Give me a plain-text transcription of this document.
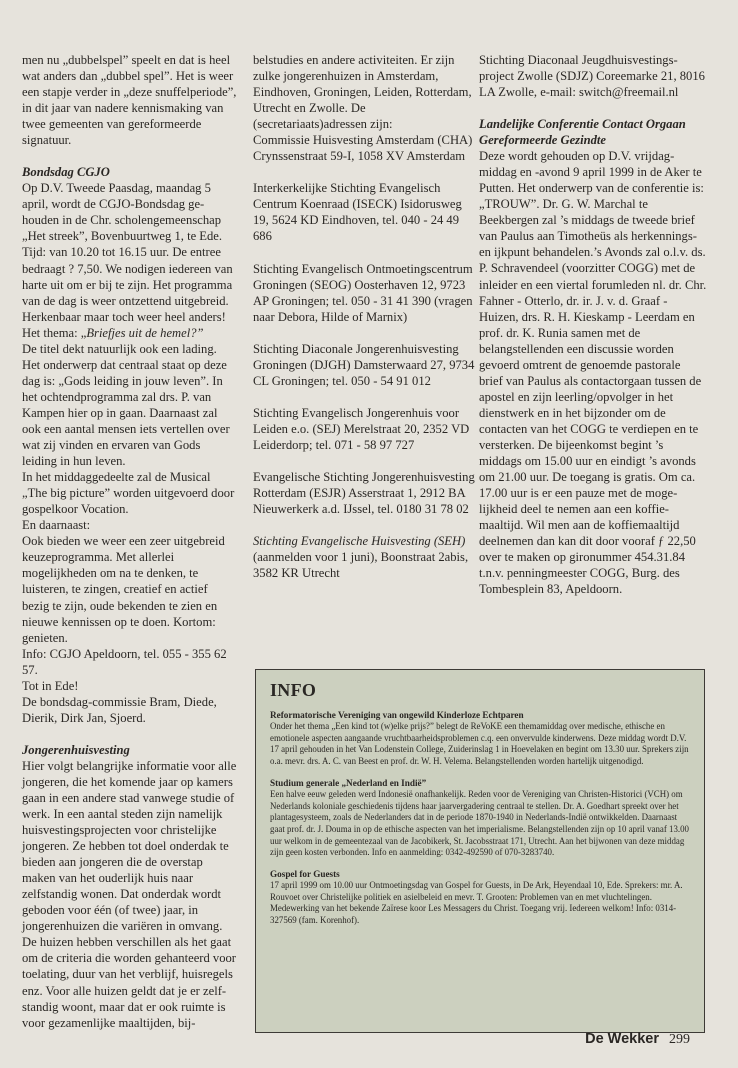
men nu „dubbelspel” speelt en dat is heel wat anders dan „dubbel spel”. Het is weer een stapje verder in „deze snuffelperiode”, in dit jaar van nadere kennismaking van twee gemeenten van gereformeerde signatuur.

Bondsdag CGJO

Op D.V. Tweede Paasdag, maandag 5 april, wordt de CGJO-Bondsdag gehouden in de Chr. scholengemeenschap „Het streek”, Bovenbuurtweg 1, te Ede. Tijd: van 10.20 tot 16.15 uur. De entree bedraagt ? 7,50. We nodigen iedereen van harte uit om er bij te zijn. Het programma van de dag is weer ontzettend uitgebreid. Herkenbaar maar toch weer heel anders!

Het thema: „Briefjes uit de hemel?”

De titel dekt natuurlijk ook een lading. Het onderwerp dat centraal staat op deze dag is: „Gods leiding in jouw leven”. In het ochtendprogramma zal drs. P. van Kampen hier op in gaan. Daarnaast zal ook een aantal mensen iets vertellen over wat zij vinden en ervaren van Gods leiding in hun leven.

In het middaggedeelte zal de Musical „The big picture” worden uitgevoerd door gospelkoor Vocation.

En daarnaast:

Ook bieden we weer een zeer uitgebreid keuzeprogramma. Met allerlei mogelijkheden om na te denken, te luisteren, te zingen, creatief en actief bezig te zijn, oude bekenden te zien en nieuwe kennissen op te doen. Kortom: genieten.

Info: CGJO Apeldoorn, tel. 055 - 355 62 57.

Tot in Ede!

De bondsdag-commissie Bram, Diede, Dierik, Dirk Jan, Sjoerd.

Jongerenhuisvesting

Hier volgt belangrijke informatie voor alle jongeren, die het komende jaar op kamers gaan in een andere stad vanwege studie of werk. In een aantal steden zijn namelijk huisvestingsprojecten voor christelijke jongeren. Ze hebben tot doel onderdak te bieden aan jongeren die de overstap maken van het ouderlijk huis naar zelfstandig wonen. Dat onderdak wordt geboden voor één (of twee) jaar, in jongerenhuizen die variëren in omvang. De huizen hebben verschillen als het gaat om de criteria die worden gehanteerd voor toelating, duur van het verblijf, huisregels enz. Voor alle huizen geldt dat je er zelfstandig woont, maar dat er ook ruimte is voor gezamenlijke maaltijden, bij-

belstudies en andere activiteiten. Er zijn zulke jongerenhuizen in Amsterdam, Eindhoven, Groningen, Leiden, Rotterdam, Utrecht en Zwolle. De (secretariaats)adressen zijn:

Commissie Huisvesting Amsterdam (CHA) Crynssenstraat 59-I, 1058 XV Amsterdam

Interkerkelijke Stichting Evangelisch Centrum Koenraad (ISECK) Isidorusweg 19, 5624 KD Eindhoven, tel. 040 - 24 49 686

Stichting Evangelisch Ontmoetingscentrum Groningen (SEOG) Oosterhaven 12, 9723 AP Groningen; tel. 050 - 31 41 390 (vragen naar Debora, Hilde of Marnix)

Stichting Diaconale Jongerenhuisvesting Groningen (DJGH) Damsterwaard 27, 9734 CL Groningen; tel. 050 - 54 91 012

Stichting Evangelisch Jongerenhuis voor Leiden e.o. (SEJ) Merelstraat 20, 2352 VD Leiderdorp; tel. 071 - 58 97 727

Evangelische Stichting Jongerenhuisvesting Rotterdam (ESJR) Asserstraat 1, 2912 BA Nieuwerkerk a.d. IJssel, tel. 0180 31 78 02

Stichting Evangelische Huisvesting (SEH) (aanmelden voor 1 juni), Boonstraat 2abis, 3582 KR Utrecht

Stichting Diaconaal Jeugdhuisvestingsproject Zwolle (SDJZ) Coreemarke 21, 8016 LA Zwolle, e-mail: switch@freemail.nl

Landelijke Conferentie Contact Orgaan Gereformeerde Gezindte

Deze wordt gehouden op D.V. vrijdagmiddag en -avond 9 april 1999 in de Aker te Putten. Het onderwerp van de conferentie is: „TROUW”. Dr. G. W. Marchal te Beekbergen zal ’s middags de tweede brief van Paulus aan Timotheüs als herkennings- en ijkpunt behandelen.’s Avonds zal o.l.v. ds. P. Schravendeel (voorzitter COGG) met de inleider en een viertal forumleden nl. dr. Chr. Fahner - Otterlo, dr. ir. J. v. d. Graaf - Huizen, drs. R. H. Kieskamp - Leerdam en prof. dr. K. Runia samen met de belangstellenden een discussie worden gevoerd omtrent de genoemde pastorale brief van Paulus als contactorgaan tussen de apostel en zijn leerling/opvolger in het dienstwerk en in het bijzonder om de contacten van het COGG te verdiepen en te versterken. De bijeenkomst begint ’s middags om 15.00 uur en eindigt ’s avonds om 21.00 uur. De toegang is gratis. Om ca. 17.00 uur is er een pauze met de mogelijkheid deel te nemen aan een koffiemaaltijd. Wil men aan de koffiemaaltijd deelnemen dan kan dit door vooraf ƒ 22,50 over te maken op gironummer 454.31.84 t.n.v. penningmeester COGG, Burg. des Tombesplein 83, Apeldoorn.

INFO
Reformatorische Vereniging van ongewild Kinderloze Echtparen

Onder het thema „Een kind tot (w)elke prijs?” belegt de ReVoKE een themamiddag over medische, ethische en emotionele aspecten aangaande vruchtbaarheidsproblemen c.q. een onvervulde kinderwens. Deze middag wordt D.V. 17 april gehouden in het Van Lodenstein College, Zuiderinslag 1 in Hoevelaken en begint om 13.30 uur. Sprekers zijn o.a. mevr. drs. A. C. van Beest en prof. dr. W. H. Velema. Belangstellenden worden hartelijk uitgenodigd.

Studium generale „Nederland en Indië”

Een halve eeuw geleden werd Indonesië onafhankelijk. Reden voor de Vereniging van Christen-Historici (VCH) om Nederlands koloniale geschiedenis tijdens haar jaarvergadering centraal te stellen. Dr. A. Goedhart spreekt over het plantagesysteem, zoals de Nederlanders dat in de periode 1870-1940 in Nederlands-Indië ontwikkelden. Daarnaast gaat prof. dr. J. Douma in op de ethische aspecten van het imperialisme. Belangstellenden zijn op 10 april vanaf 13.00 uur welkom in de gemeentezaal van de Jacobikerk, St. Jacobsstraat 171, Utrecht. Aan het bijwonen van deze middag zijn geen kosten verbonden. Info en aanmelding: 0342-492590 of 070-3283740.

Gospel for Guests

17 april 1999 om 10.00 uur Ontmoetingsdag van Gospel for Guests, in De Ark, Heyendaal 10, Ede. Sprekers: mr. A. Rouvoet over Christelijke politiek en asielbeleid en mevr. T. Grooten: Problemen van en met vluchtelingen. Medewerking van het bekende Zaïrese koor Les Messagers du Christ. Toegang vrij. Iedereen welkom! Info: 0314-327569 (fam. Korenhof).

De Wekker 299
